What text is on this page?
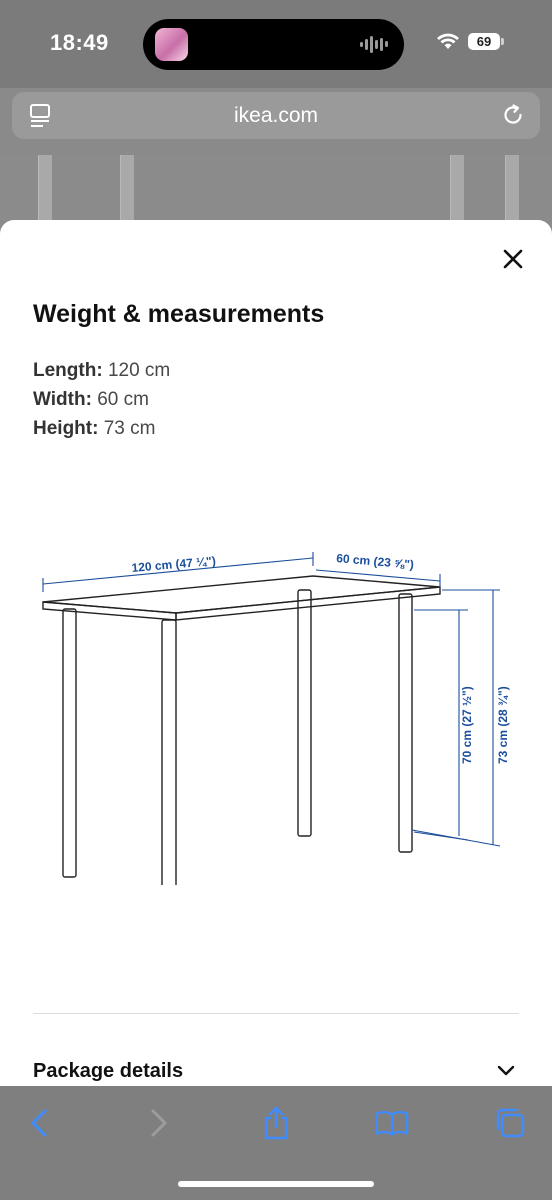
18:49	69
ikea.com
Weight & measurements
Length: 120 cm
Width: 60 cm
Height: 73 cm
120 cm (47 ¼")	60 cm (23 ⅝")
70 cm (27 ½") 73 cm (28 ¾")
Package details
